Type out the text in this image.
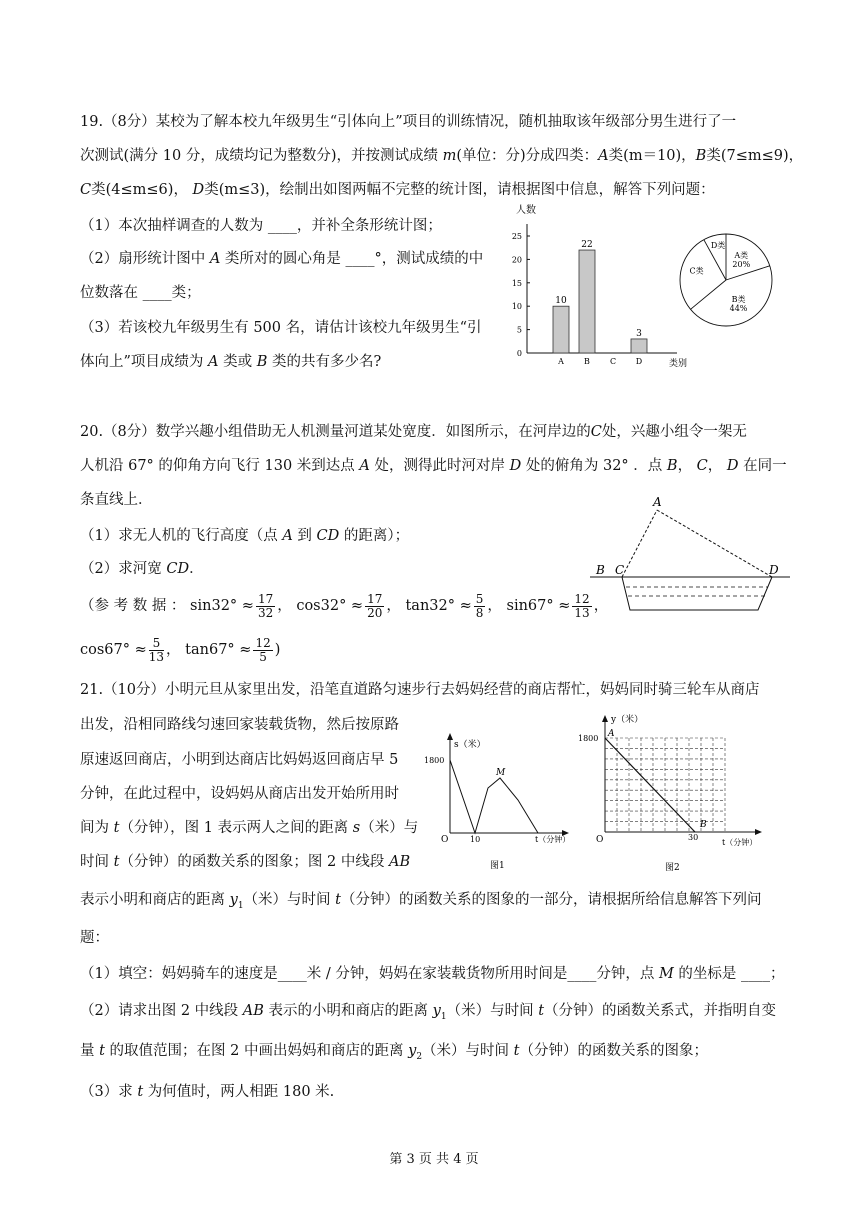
19.（8分）某校为了解本校九年级男生“引体向上”项目的训练情况，随机抽取该年级部分男生进行了一
次测试(满分 10 分，成绩均记为整数分)，并按测试成绩 m(单位：分)分成四类：A类(m＝10)，B类(7≤m≤9)，
C类(4≤m≤6)， D类(m≤3)，绘制出如图两幅不完整的统计图，请根据图中信息，解答下列问题：
（1）本次抽样调查的人数为 ____，并补全条形统计图；
（2）扇形统计图中 A 类所对的圆心角是 ____°，测试成绩的中
位数落在 ____类；
（3）若该校九年级男生有 500 名，请估计该校九年级男生“引
体向上”项目成绩为 A 类或 B 类的共有多少名?
人数
类别
0
5
10
15
20
25
A
10
B
22
C D
3
A类
20%
B类
44%
C类
D类
20.（8分）数学兴趣小组借助无人机测量河道某处宽度．如图所示，在河岸边的C处，兴趣小组令一架无
人机沿 67° 的仰角方向飞行 130 米到达点 A 处，测得此时河对岸 D 处的俯角为 32° ．点 B， C， D 在同一
条直线上．
（1）求无人机的飞行高度（点 A 到 CD 的距离）；
（2）求河宽 CD．
（参 考 数 据 ： $\sin 32^\circ \approx \frac{17}{32}$ ， $\cos 32^\circ \approx \frac{17}{20}$ ， $\tan 32^\circ \approx \frac{5}{8}$ ， $\sin 67^\circ \approx \frac{12}{13}$ ，
$\cos 67^\circ \approx \frac{5}{13}$ ， $\tan 67^\circ \approx \frac{12}{5}$ )
A
B C	D
21.（10分）小明元旦从家里出发，沿笔直道路匀速步行去妈妈经营的商店帮忙，妈妈同时骑三轮车从商店
出发，沿相同路线匀速回家装载货物，然后按原路
原速返回商店，小明到达商店比妈妈返回商店早 5
分钟，在此过程中，设妈妈从商店出发开始所用时
间为 t（分钟），图 1 表示两人之间的距离 s（米）与
时间 t（分钟）的函数关系的图象；图 2 中线段 AB
表示小明和商店的距离 $y_1$（米）与时间 t（分钟）的函数关系的图象的一部分，请根据所给信息解答下列问
题：
（1）填空：妈妈骑车的速度是____米 / 分钟，妈妈在家装载货物所用时间是____分钟，点 M 的坐标是 ____；
（2）请求出图 2 中线段 AB 表示的小明和商店的距离 $y_1$（米）与时间 t（分钟）的函数关系式，并指明自变
量 t 的取值范围；在图 2 中画出妈妈和商店的距离 $y_2$（米）与时间 t（分钟）的函数关系的图象；
（3）求 t 为何值时，两人相距 180 米.
s（米）
1800
O	10	t（分钟）
M
图1
y（米）
1800
O	30
t（分钟）
A
B
图2
第 3 页 共 4 页
